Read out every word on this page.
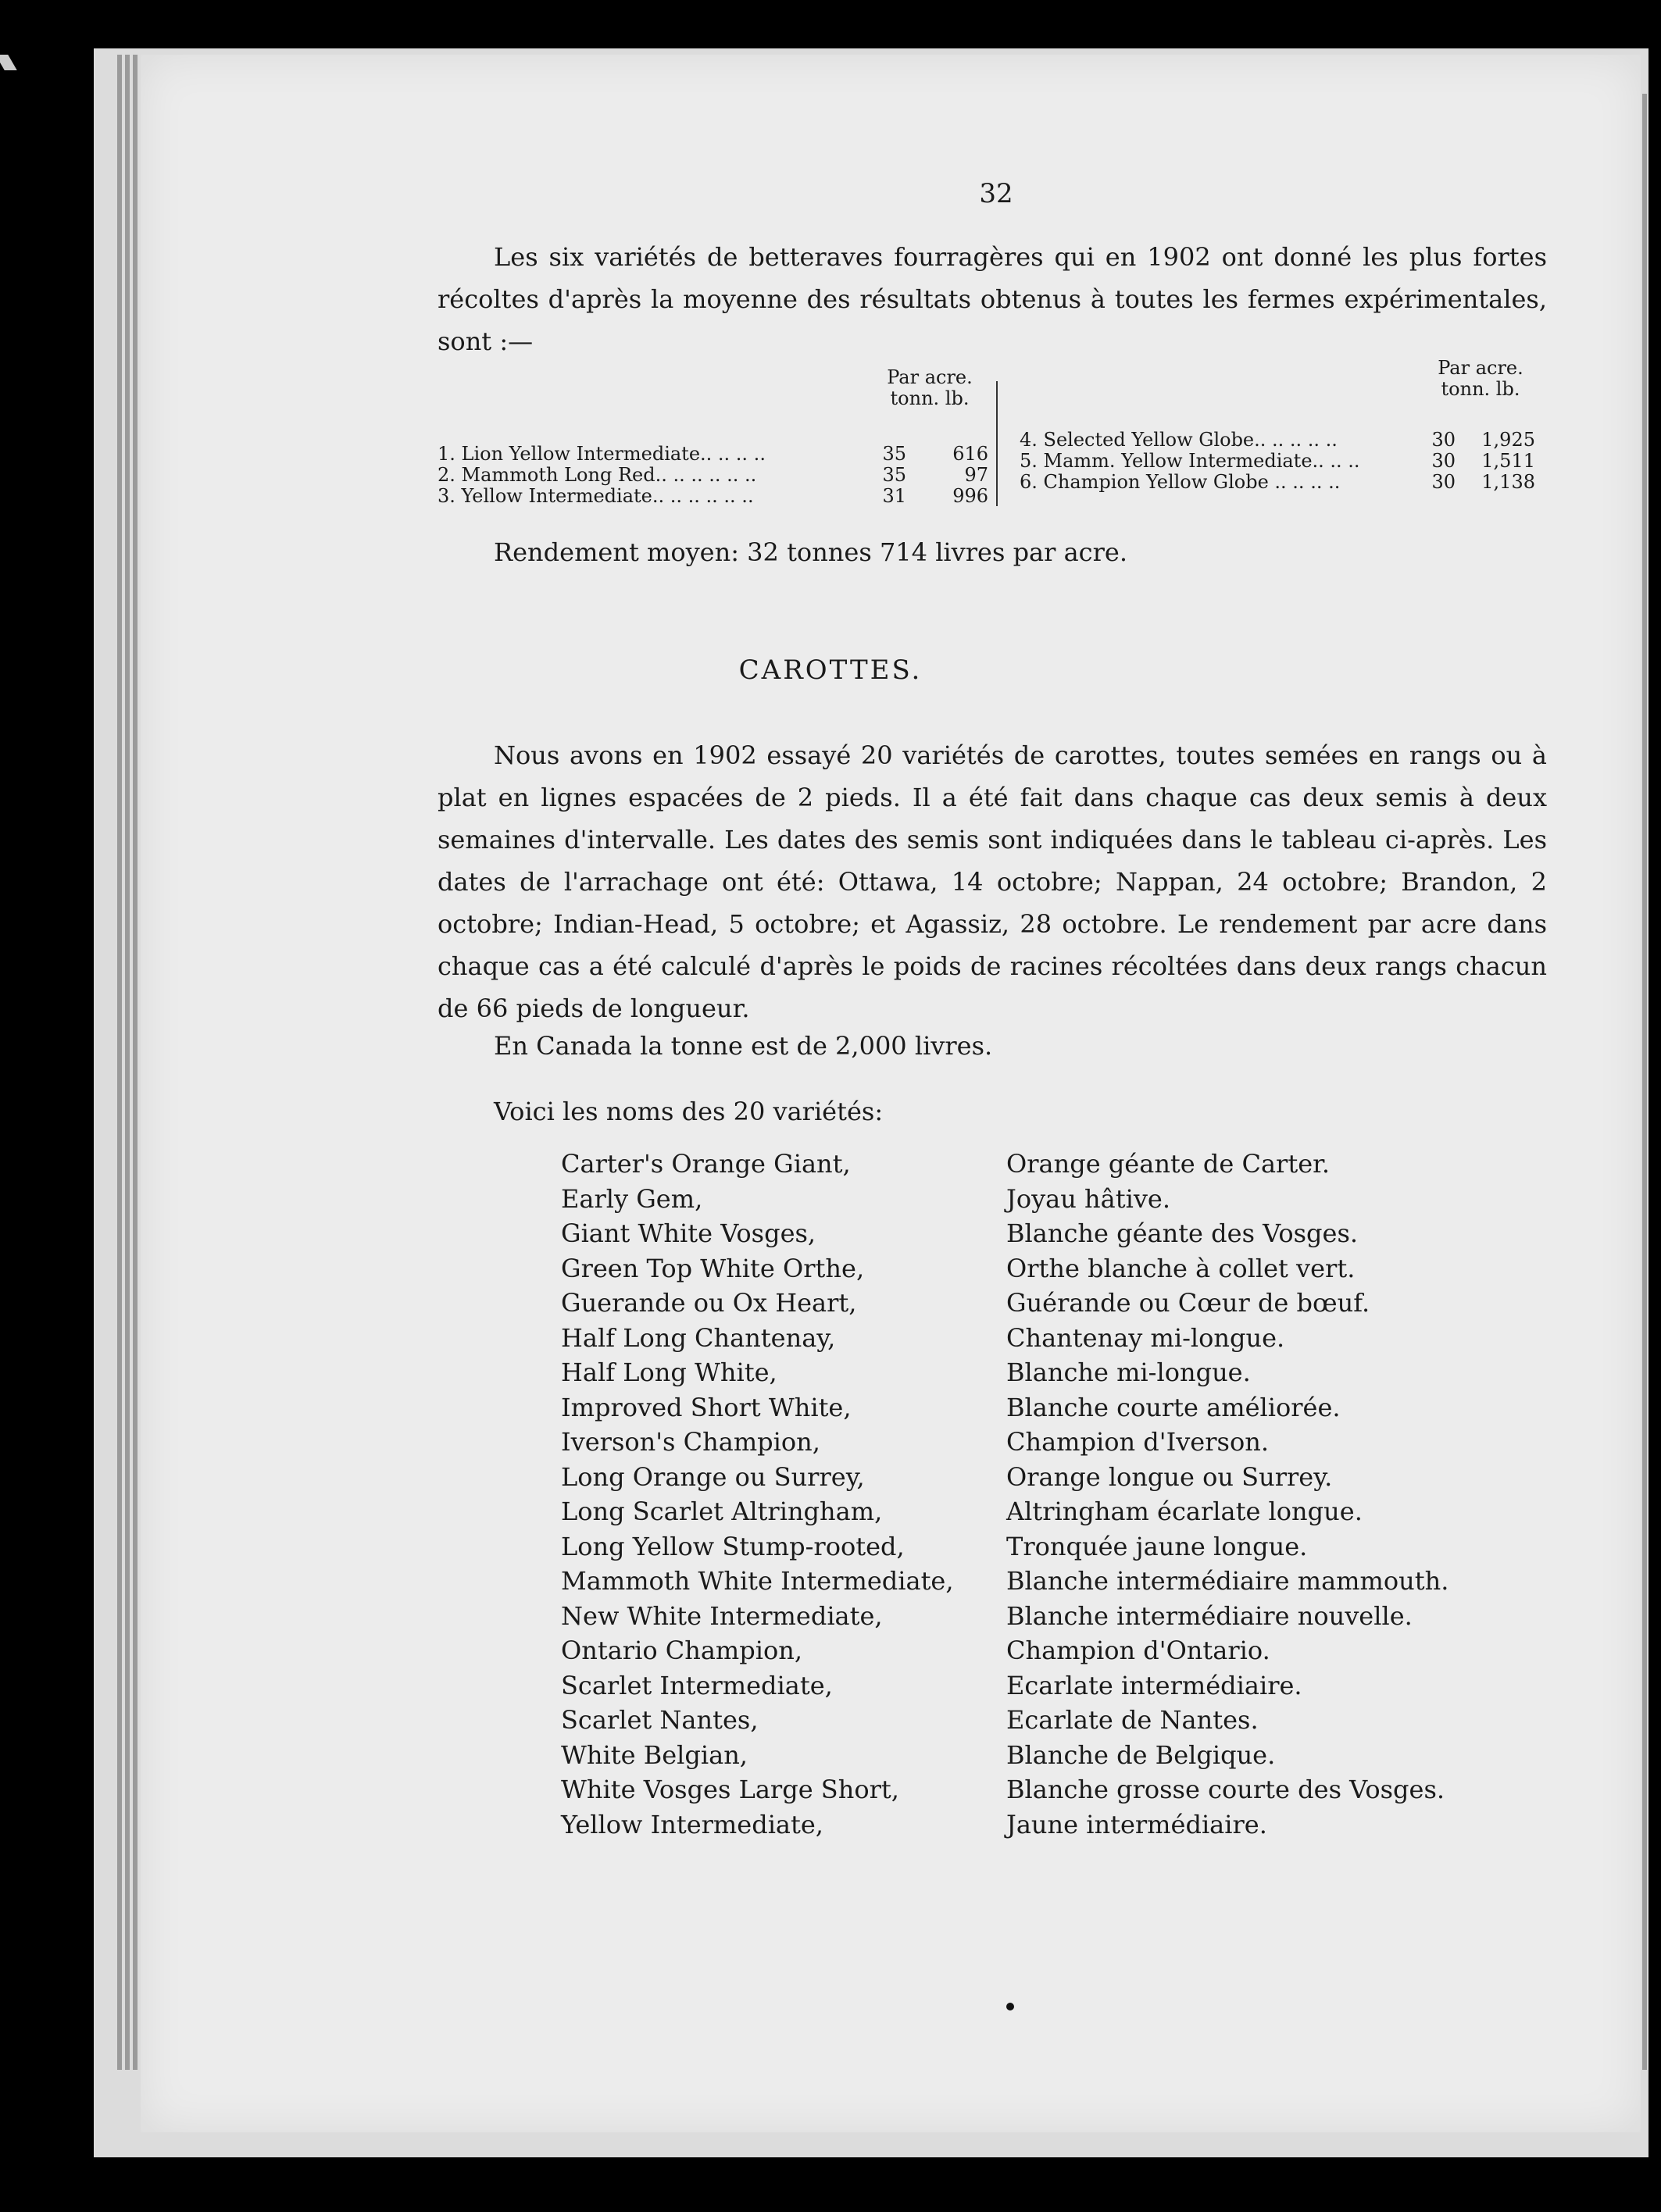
32

Les six variétés de betteraves fourragères qui en 1902 ont donné les plus fortes récoltes d'après la moyenne des résultats obtenus à toutes les fermes expérimentales, sont :—

Par acre.
tonn. lb.
Par acre.
tonn. lb.
1. Lion Yellow Intermediate.. .. .. ..	35	616
2. Mammoth Long Red.. .. .. .. .. ..	35	97
3. Yellow Intermediate.. .. .. .. .. ..	31	996
4. Selected Yellow Globe.. .. .. .. ..	30	1,925
5. Mamm. Yellow Intermediate.. .. ..	30	1,511
6. Champion Yellow Globe .. .. .. ..	30	1,138

Rendement moyen: 32 tonnes 714 livres par acre.

CAROTTES.

Nous avons en 1902 essayé 20 variétés de carottes, toutes semées en rangs ou à plat en lignes espacées de 2 pieds. Il a été fait dans chaque cas deux semis à deux semaines d'intervalle. Les dates des semis sont indiquées dans le tableau ci-après. Les dates de l'arrachage ont été: Ottawa, 14 octobre; Nappan, 24 octobre; Brandon, 2 octobre; Indian-Head, 5 octobre; et Agassiz, 28 octobre. Le rendement par acre dans chaque cas a été calculé d'après le poids de racines récoltées dans deux rangs chacun de 66 pieds de longueur.

En Canada la tonne est de 2,000 livres.

Voici les noms des 20 variétés:

Carter's Orange Giant,	Orange géante de Carter.
Early Gem,	Joyau hâtive.
Giant White Vosges,	Blanche géante des Vosges.
Green Top White Orthe,	Orthe blanche à collet vert.
Guerande ou Ox Heart,	Guérande ou Cœur de bœuf.
Half Long Chantenay,	Chantenay mi-longue.
Half Long White,	Blanche mi-longue.
Improved Short White,	Blanche courte améliorée.
Iverson's Champion,	Champion d'Iverson.
Long Orange ou Surrey,	Orange longue ou Surrey.
Long Scarlet Altringham,	Altringham écarlate longue.
Long Yellow Stump-rooted,	Tronquée jaune longue.
Mammoth White Intermediate, Blanche intermédiaire mammouth.
New White Intermediate,	Blanche intermédiaire nouvelle.
Ontario Champion,	Champion d'Ontario.
Scarlet Intermediate,	Ecarlate intermédiaire.
Scarlet Nantes,	Ecarlate de Nantes.
White Belgian,	Blanche de Belgique.
White Vosges Large Short,	Blanche grosse courte des Vosges.
Yellow Intermediate,	Jaune intermédiaire.
